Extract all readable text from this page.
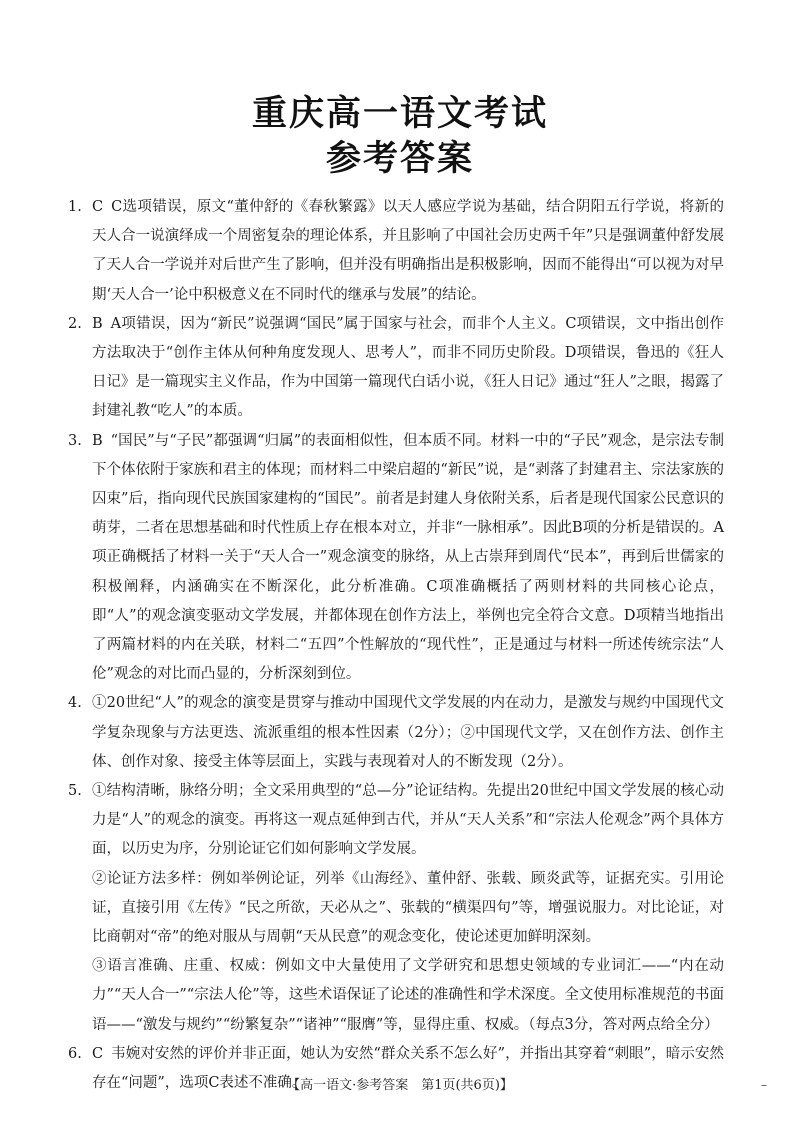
重庆高一语文考试
参考答案
1. C C选项错误，原文“董仲舒的《春秋繁露》以天人感应学说为基础，结合阴阳五行学说，将新的天人合一说演绎成一个周密复杂的理论体系，并且影响了中国社会历史两千年”只是强调董仲舒发展了天人合一学说并对后世产生了影响，但并没有明确指出是积极影响，因而不能得出“可以视为对早期‘天人合一’论中积极意义在不同时代的继承与发展”的结论。
2. B A项错误，因为“新民”说强调“国民”属于国家与社会，而非个人主义。C项错误，文中指出创作方法取决于“创作主体从何种角度发现人、思考人”，而非不同历史阶段。D项错误，鲁迅的《狂人日记》是一篇现实主义作品，作为中国第一篇现代白话小说，《狂人日记》通过“狂人”之眼，揭露了封建礼教“吃人”的本质。
3. B “国民”与“子民”都强调“归属”的表面相似性，但本质不同。材料一中的“子民”观念，是宗法专制下个体依附于家族和君主的体现；而材料二中梁启超的“新民”说，是“剥落了封建君主、宗法家族的囚束”后，指向现代民族国家建构的“国民”。前者是封建人身依附关系，后者是现代国家公民意识的萌芽，二者在思想基础和时代性质上存在根本对立，并非“一脉相承”。因此B项的分析是错误的。A项正确概括了材料一关于“天人合一”观念演变的脉络，从上古崇拜到周代“民本”，再到后世儒家的积极阐释，内涵确实在不断深化，此分析准确。C项准确概括了两则材料的共同核心论点，即“人”的观念演变驱动文学发展，并都体现在创作方法上，举例也完全符合文意。D项精当地指出了两篇材料的内在关联，材料二“五四”个性解放的“现代性”，正是通过与材料一所述传统宗法“人伦”观念的对比而凸显的，分析深刻到位。
4. ①20世纪“人”的观念的演变是贯穿与推动中国现代文学发展的内在动力，是激发与规约中国现代文学复杂现象与方法更迭、流派重组的根本性因素（2分）；②中国现代文学，又在创作方法、创作主体、创作对象、接受主体等层面上，实践与表现着对人的不断发现（2分）。
5. ①结构清晰，脉络分明；全文采用典型的“总—分”论证结构。先提出20世纪中国文学发展的核心动力是“人”的观念的演变。再将这一观点延伸到古代，并从“天人关系”和“宗法人伦观念”两个具体方面，以历史为序，分别论证它们如何影响文学发展。

②论证方法多样：例如举例论证，列举《山海经》、董仲舒、张载、顾炎武等，证据充实。引用论证，直接引用《左传》“民之所欲，天必从之”、张载的“横渠四句”等，增强说服力。对比论证，对比商朝对“帝”的绝对服从与周朝“天从民意”的观念变化，使论述更加鲜明深刻。

③语言准确、庄重、权威：例如文中大量使用了文学研究和思想史领域的专业词汇——“内在动力”“天人合一”“宗法人伦”等，这些术语保证了论述的准确性和学术深度。全文使用标准规范的书面语——“激发与规约”“纷繁复杂”“诸神”“服膺”等，显得庄重、权威。（每点3分，答对两点给全分）

6. C 韦婉对安然的评价并非正面，她认为安然“群众关系不怎么好”，并指出其穿着“刺眼”，暗示安然存在“问题”，选项C表述不准确。
【高一语文·参考答案　第1页(共6页)】	–
